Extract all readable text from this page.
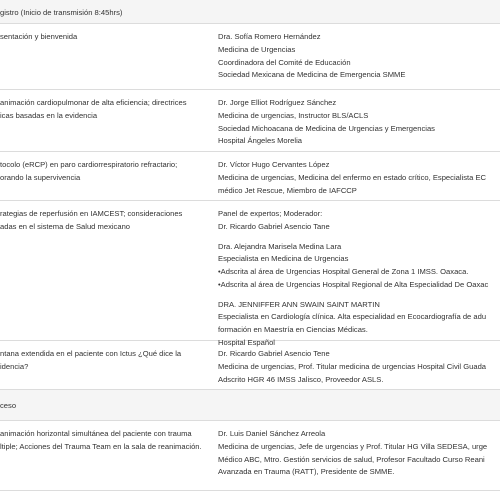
gistro (Inicio de transmisión 8:45hrs)
sentación y bienvenida	Dra. Sofía Romero Hernández
Medicina de Urgencias
Coordinadora del Comité de Educación
Sociedad Mexicana de Medicina de Emergencia SMME
animación cardiopulmonar de alta eficiencia; directrices
icas basadas en la evidencia
Dr. Jorge Elliot Rodríguez Sánchez
Medicina de urgencias, Instructor BLS/ACLS
Sociedad Michoacana de Medicina de Urgencias y Emergencias
Hospital Ángeles Morelia
tocolo (eRCP) en paro cardiorrespiratorio refractario;
orando la supervivencia
Dr. Víctor Hugo Cervantes López
Medicina de urgencias, Medicina del enfermo en estado crítico, Especialista EC
médico Jet Rescue, Miembro de IAFCCP
rategias de reperfusión en IAMCEST; consideraciones
adas en el sistema de Salud mexicano
Panel de expertos; Moderador:
Dr. Ricardo Gabriel Asencio Tane
Dra. Alejandra Marisela Medina Lara
Especialista en Medicina de Urgencias
•Adscrita al área de Urgencias Hospital General de Zona 1 IMSS. Oaxaca.
•Adscrita al área de Urgencias Hospital Regional de Alta Especialidad De Oaxac
DRA. JENNIFFER ANN SWAIN SAINT MARTIN
Especialista en Cardiología clínica. Alta especialidad en Ecocardiografía de adu
formación en Maestría en Ciencias Médicas.
Hospital Español
ntana extendida en el paciente con Ictus ¿Qué dice la
idencia?
Dr. Ricardo Gabriel Asencio Tene
Medicina de urgencias, Prof. Titular medicina de urgencias Hospital Civil Guada
Adscrito HGR 46 IMSS Jalisco, Proveedor ASLS.
ceso
animación horizontal simultánea del paciente con trauma
ltiple; Acciones del Trauma Team en la sala de reanimación.
Dr. Luis Daniel Sánchez Arreola
Medicina de urgencias, Jefe de urgencias y Prof. Titular HG Villa SEDESA, urge
Médico ABC, Mtro. Gestión servicios de salud, Profesor Facultado Curso Reani
Avanzada en Trauma (RATT), Presidente de SMME.
